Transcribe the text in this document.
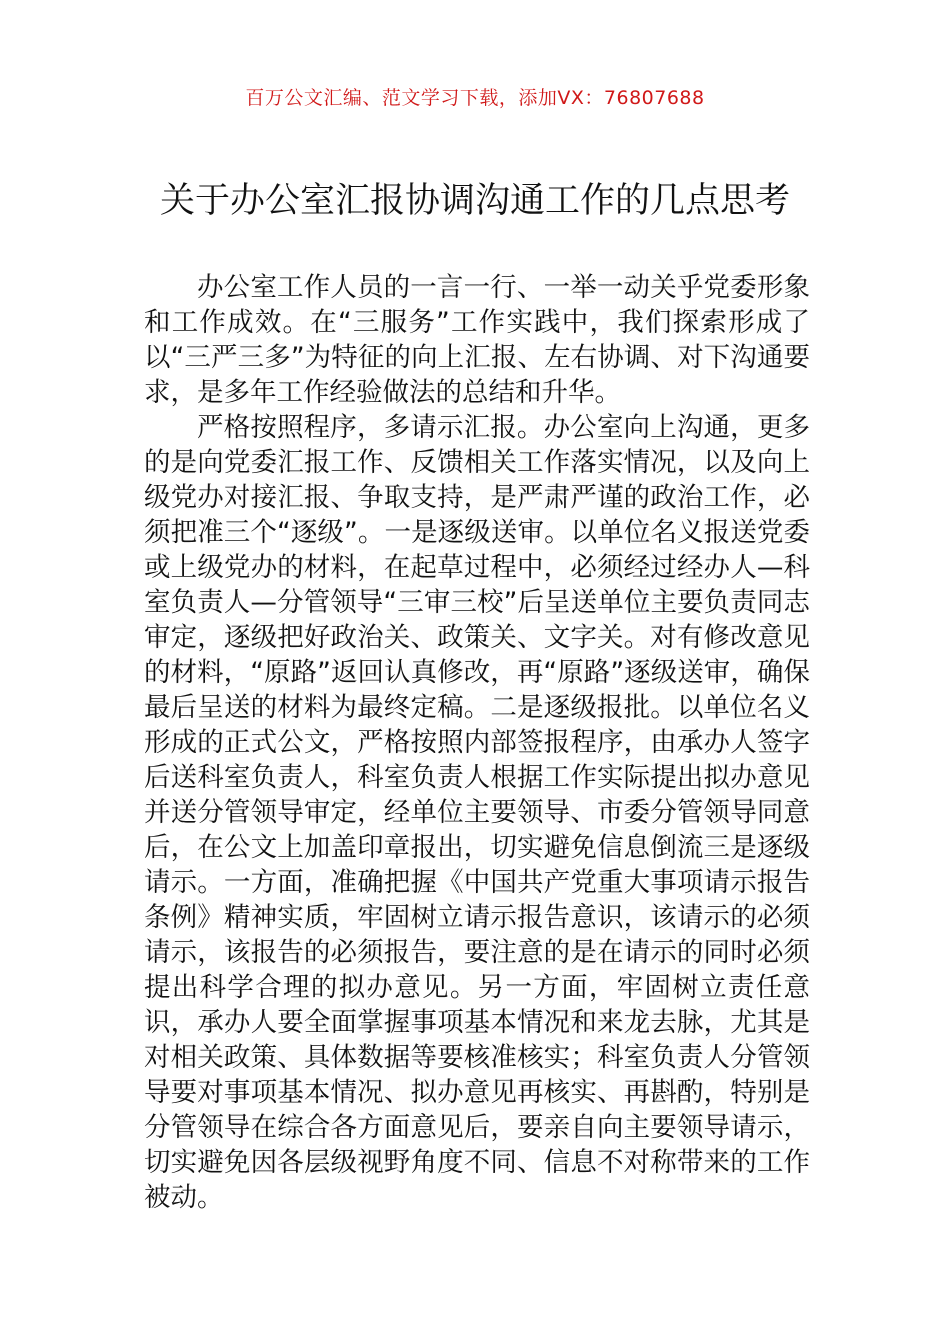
百万公文汇编、范文学习下载，添加VX：76807688
关于办公室汇报协调沟通工作的几点思考

办公室工作人员的一言一行、一举一动关乎党委形象和工作成效。在“三服务”工作实践中，我们探索形成了以“三严三多”为特征的向上汇报、左右协调、对下沟通要求，是多年工作经验做法的总结和升华。

严格按照程序，多请示汇报。办公室向上沟通，更多的是向党委汇报工作、反馈相关工作落实情况，以及向上级党办对接汇报、争取支持，是严肃严谨的政治工作，必须把准三个“逐级”。一是逐级送审。以单位名义报送党委或上级党办的材料，在起草过程中，必须经过经办人—科室负责人—分管领导“三审三校”后呈送单位主要负责同志审定，逐级把好政治关、政策关、文字关。对有修改意见的材料，“原路”返回认真修改，再“原路”逐级送审，确保最后呈送的材料为最终定稿。二是逐级报批。以单位名义形成的正式公文，严格按照内部签报程序，由承办人签字后送科室负责人，科室负责人根据工作实际提出拟办意见并送分管领导审定，经单位主要领导、市委分管领导同意后，在公文上加盖印章报出，切实避免信息倒流三是逐级请示。一方面，准确把握《中国共产党重大事项请示报告条例》精神实质，牢固树立请示报告意识，该请示的必须请示，该报告的必须报告，要注意的是在请示的同时必须提出科学合理的拟办意见。另一方面，牢固树立责任意识，承办人要全面掌握事项基本情况和来龙去脉，尤其是对相关政策、具体数据等要核准核实；科室负责人分管领导要对事项基本情况、拟办意见再核实、再斟酌，特别是分管领导在综合各方面意见后，要亲自向主要领导请示，切实避免因各层级视野角度不同、信息不对称带来的工作被动。
